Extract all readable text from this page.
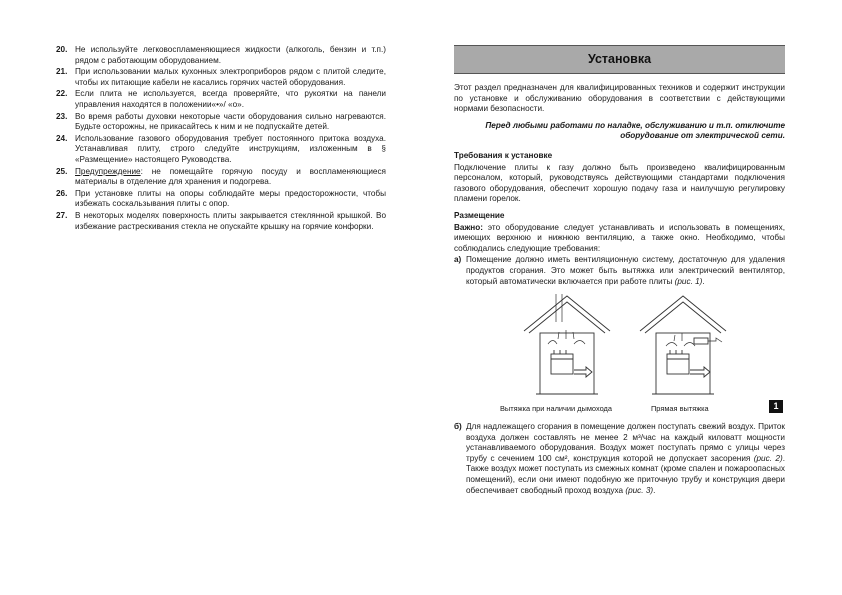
20. Не используйте легковоспламеняющиеся жидкости (алкоголь, бензин и т.п.) рядом с работающим оборудованием.
21. При использовании малых кухонных электроприборов рядом с плитой следите, чтобы их питающие кабели не касались горячих частей оборудования.
22. Если плита не используется, всегда проверяйте, что рукоятки на панели управления находятся в положении«•»/ «o».
23. Во время работы духовки некоторые части оборудования сильно нагреваются. Будьте осторожны, не прикасайтесь к ним и не подпускайте детей.
24. Использование газового оборудования требует постоянного притока воздуха. Устанавливая плиту, строго следуйте инструкциям, изложенным в § «Размещение» настоящего Руководства.
25. Предупреждение: не помещайте горячую посуду и воспламеняющиеся материалы в отделение для хранения и подогрева.
26. При установке плиты на опоры соблюдайте меры предосторожности, чтобы избежать соскальзывания плиты с опор.
27. В некоторых моделях поверхность плиты закрывается стеклянной крышкой. Во избежание растрескивания стекла не опускайте крышку на горячие конфорки.
Установка

Этот раздел предназначен для квалифицированных техников и содержит инструкции по установке и обслуживанию оборудования в соответствии с действующими нормами безопасности.

Перед любыми работами по наладке, обслуживанию и т.п. отключите оборудование от электрической сети.

Требования к установке

Подключение плиты к газу должно быть произведено квалифицированным персоналом, который, руководствуясь действующими стандартами подключения газового оборудования, обеспечит хорошую подачу газа и наилучшую регулировку пламени горелок.

Размещение

Важно: это оборудование следует устанавливать и использовать в помещениях, имеющих верхнюю и нижнюю вентиляцию, а также окно. Необходимо, чтобы соблюдались следующие требования:

a) Помещение должно иметь вентиляционную систему, достаточную для удаления продуктов сгорания. Это может быть вытяжка или электрический вентилятор, который автоматически включается при работе плиты (рис. 1).
Вытяжка при наличии дымохода	Прямая вытяжка	1
б) Для надлежащего сгорания в помещение должен поступать свежий воздух. Приток воздуха должен составлять не менее 2 м³/час на каждый киловатт мощности устанавливаемого оборудования. Воздух может поступать прямо с улицы через трубу с сечением 100 см², конструкция которой не допускает засорения (рис. 2). Также воздух может поступать из смежных комнат (кроме спален и пожароопасных помещений), если они имеют подобную же приточную трубу и конструкция двери обеспечивает свободный проход воздуха (рис. 3).
